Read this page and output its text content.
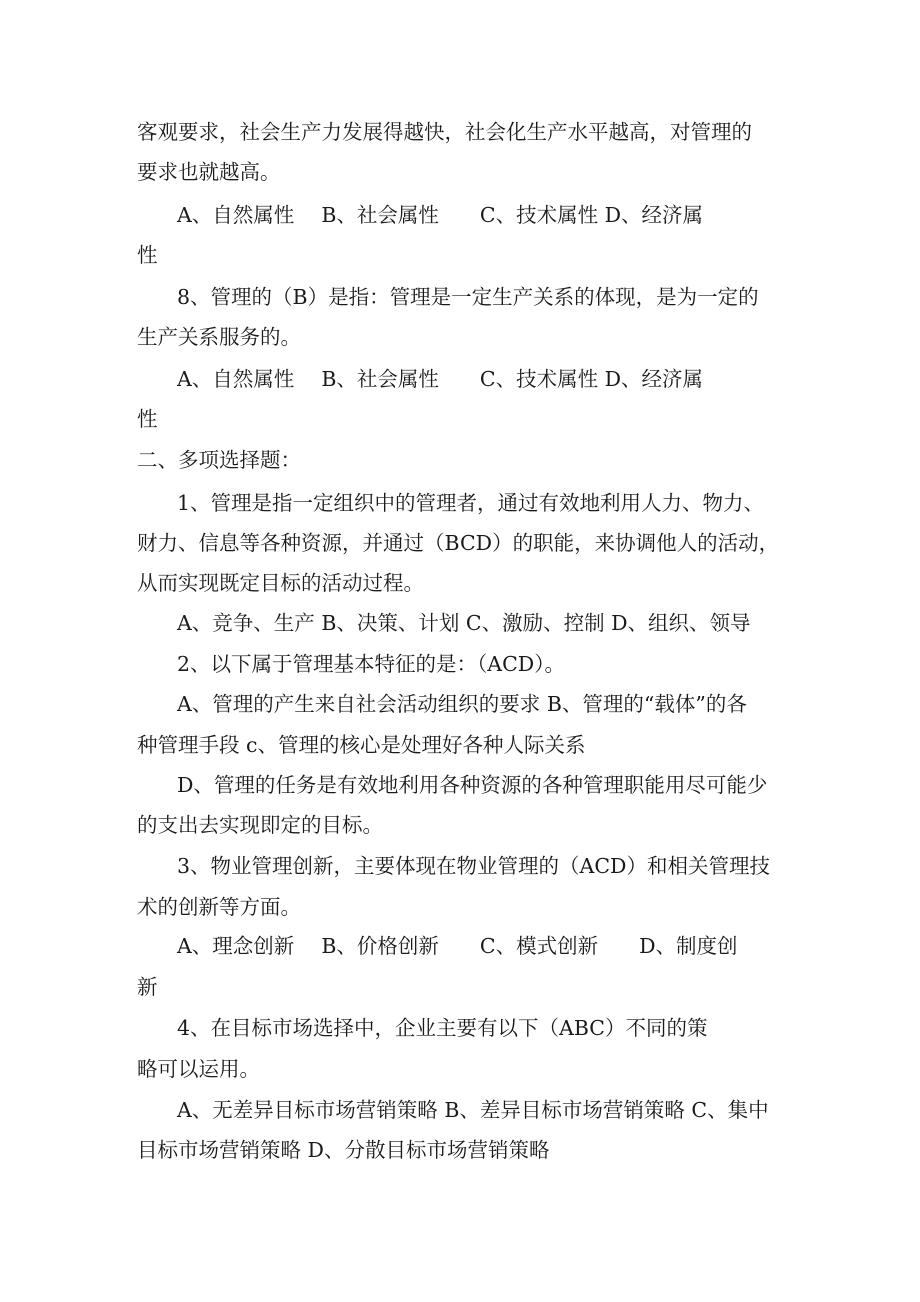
客观要求，社会生产力发展得越快，社会化生产水平越高，对管理的
要求也就越高。
A、自然属性　 B、社会属性　　C、技术属性 D、经济属
性
8、管理的（B）是指：管理是一定生产关系的体现，是为一定的
生产关系服务的。
A、自然属性　 B、社会属性　　C、技术属性 D、经济属
性
二、多项选择题：
1、管理是指一定组织中的管理者，通过有效地利用人力、物力、
财力、信息等各种资源，并通过（BCD）的职能，来协调他人的活动，
从而实现既定目标的活动过程。
A、竞争、生产 B、决策、计划 C、激励、控制 D、组织、领导
2、以下属于管理基本特征的是：（ACD）。
A、管理的产生来自社会活动组织的要求 B、管理的“载体”的各
种管理手段 c、管理的核心是处理好各种人际关系
D、管理的任务是有效地利用各种资源的各种管理职能用尽可能少
的支出去实现即定的目标。
3、物业管理创新，主要体现在物业管理的（ACD）和相关管理技
术的创新等方面。
A、理念创新　 B、价格创新　　C、模式创新　　D、制度创
新
4、在目标市场选择中，企业主要有以下（ABC）不同的策
略可以运用。
A、无差异目标市场营销策略 B、差异目标市场营销策略 C、集中
目标市场营销策略 D、分散目标市场营销策略
